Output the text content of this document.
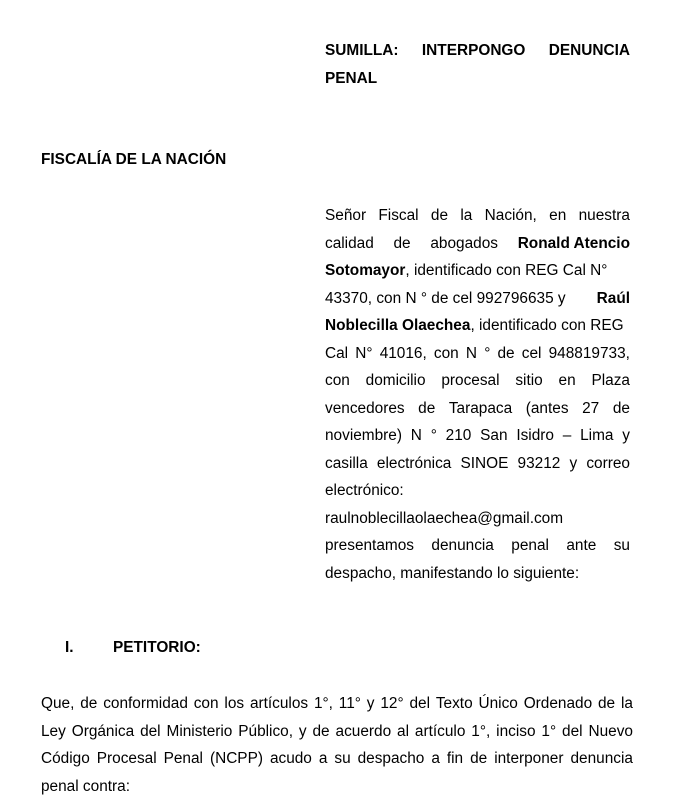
SUMILLA: INTERPONGO DENUNCIA
PENAL
FISCALÍA DE LA NACIÓN
Señor Fiscal de la Nación, en nuestra
calidad de abogados Ronald Atencio
Sotomayor, identificado con REG Cal N°
43370, con N ° de cel 992796635 y Raúl
Noblecilla Olaechea, identificado con REG
Cal N° 41016, con N ° de cel 948819733,
con domicilio procesal sitio en Plaza
vencedores de Tarapaca (antes 27 de
noviembre) N ° 210 San Isidro – Lima y
casilla electrónica SINOE 93212 y correo
electrónico:
raulnoblecillaolaechea@gmail.com
presentamos denuncia penal ante su
despacho, manifestando lo siguiente:
I.	PETITORIO:
Que, de conformidad con los artículos 1°, 11° y 12° del Texto Único Ordenado de la
Ley Orgánica del Ministerio Público, y de acuerdo al artículo 1°, inciso 1° del Nuevo
Código Procesal Penal (NCPP) acudo a su despacho a fin de interponer denuncia
penal contra:
